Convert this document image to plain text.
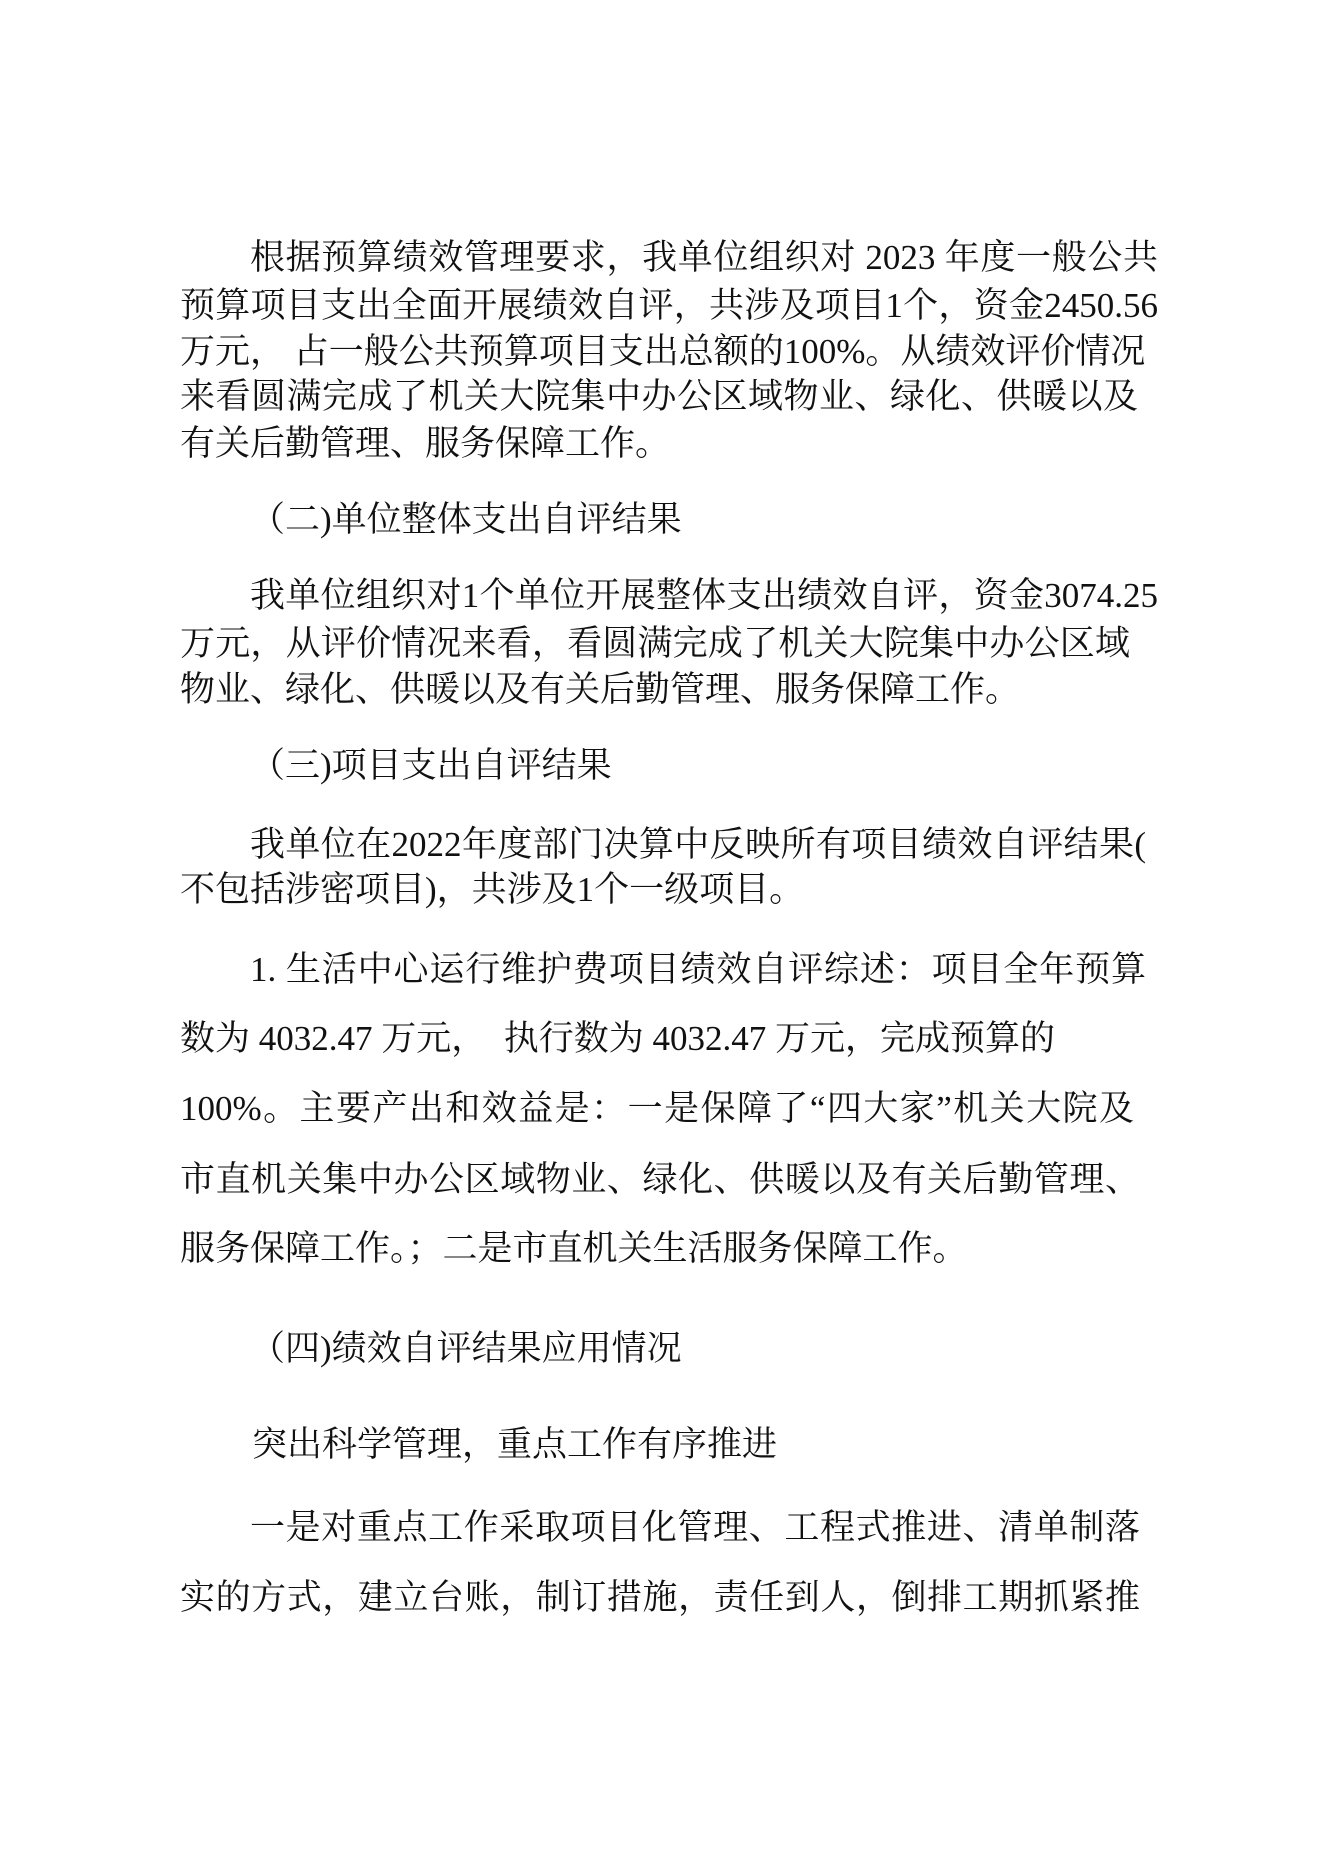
根据预算绩效管理要求，我单位组织对 2023 年度一般公共
预算项目支出全面开展绩效自评，共涉及项目1个，资金2450.56
万元， 占一般公共预算项目支出总额的100%。从绩效评价情况
来看圆满完成了机关大院集中办公区域物业、绿化、供暖以及
有关后勤管理、服务保障工作。
（二)单位整体支出自评结果
我单位组织对1个单位开展整体支出绩效自评，资金3074.25
万元，从评价情况来看，看圆满完成了机关大院集中办公区域
物业、绿化、供暖以及有关后勤管理、服务保障工作。
（三)项目支出自评结果
我单位在2022年度部门决算中反映所有项目绩效自评结果(
不包括涉密项目)，共涉及1个一级项目。
1. 生活中心运行维护费项目绩效自评综述：项目全年预算
数为 4032.47 万元，  执行数为 4032.47 万元，完成预算的
100%。主要产出和效益是：一是保障了“四大家”机关大院及
市直机关集中办公区域物业、绿化、供暖以及有关后勤管理、
服务保障工作。；二是市直机关生活服务保障工作。
（四)绩效自评结果应用情况
突出科学管理，重点工作有序推进
一是对重点工作采取项目化管理、工程式推进、清单制落
实的方式，建立台账，制订措施，责任到人，倒排工期抓紧推
